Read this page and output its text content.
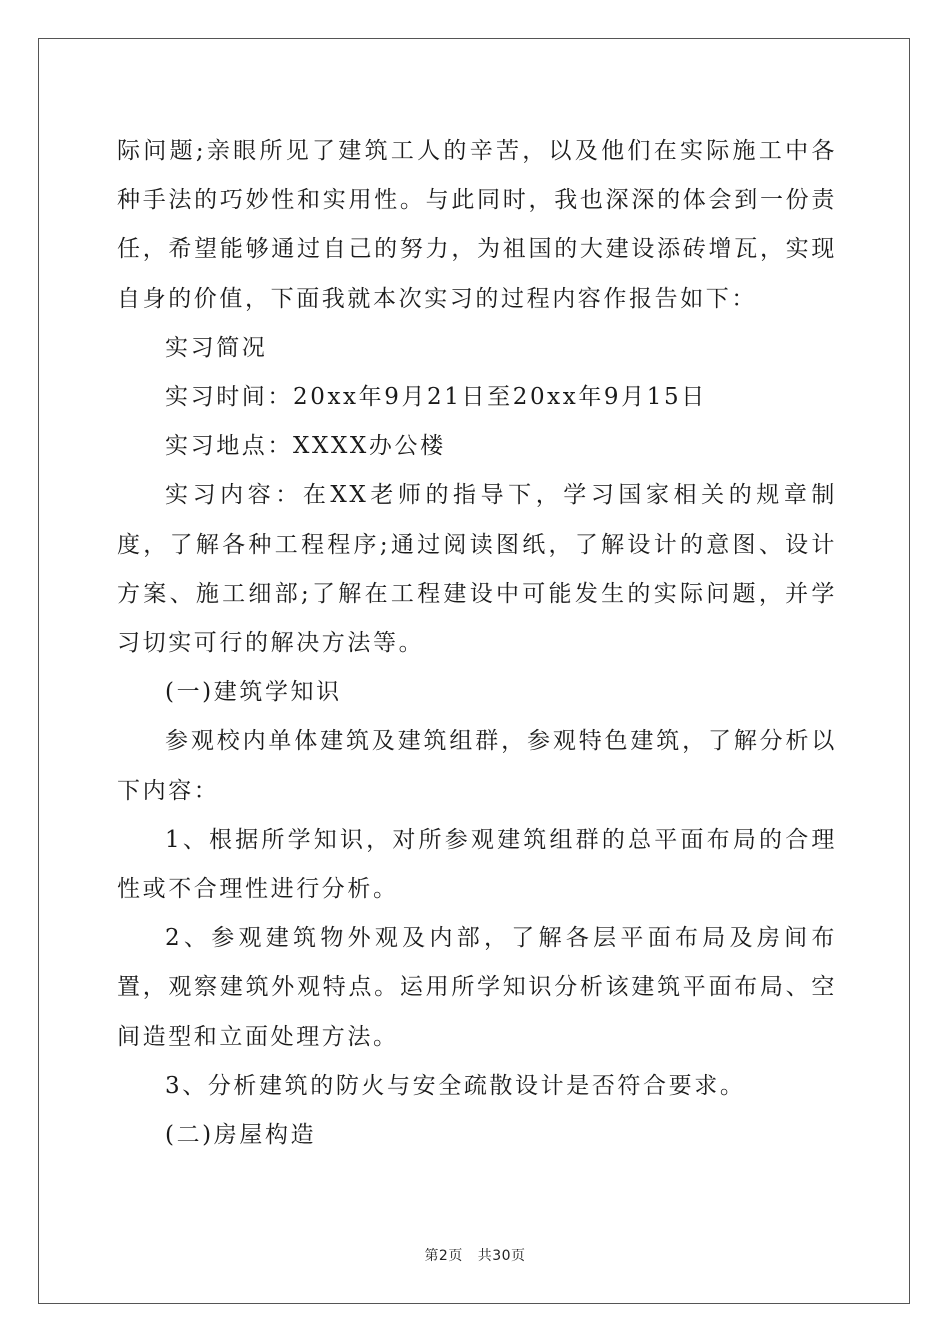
际问题;亲眼所见了建筑工人的辛苦，以及他们在实际施工中各种手法的巧妙性和实用性。与此同时，我也深深的体会到一份责任，希望能够通过自己的努力，为祖国的大建设添砖增瓦，实现自身的价值，下面我就本次实习的过程内容作报告如下：

实习简况

实习时间：20xx年9月21日至20xx年9月15日

实习地点：XXXX办公楼

实习内容：在XX老师的指导下，学习国家相关的规章制度，了解各种工程程序;通过阅读图纸，了解设计的意图、设计方案、施工细部;了解在工程建设中可能发生的实际问题，并学习切实可行的解决方法等。

(一)建筑学知识

参观校内单体建筑及建筑组群，参观特色建筑，了解分析以下内容：

1、根据所学知识，对所参观建筑组群的总平面布局的合理性或不合理性进行分析。

2、参观建筑物外观及内部，了解各层平面布局及房间布置，观察建筑外观特点。运用所学知识分析该建筑平面布局、空间造型和立面处理方法。

3、分析建筑的防火与安全疏散设计是否符合要求。

(二)房屋构造

第2页 共30页
